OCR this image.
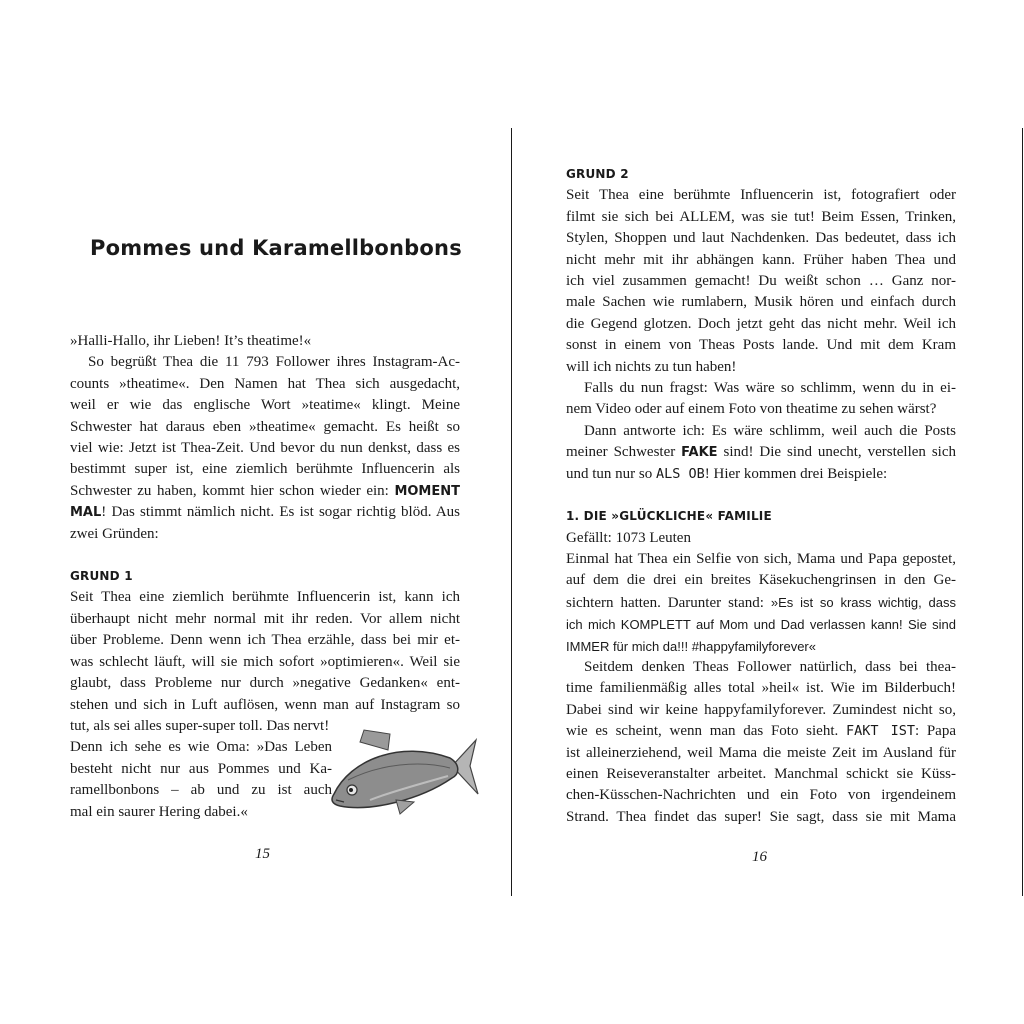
Pommes und Karamellbonbons

»Halli-Hallo, ihr Lieben! It’s theatime!«

So begrüßt Thea die 11 793 Follower ihres Instagram-Ac-

counts »theatime«. Den Namen hat Thea sich ausgedacht,

weil er wie das englische Wort »teatime« klingt. Meine

Schwester hat daraus eben »theatime« gemacht. Es heißt so

viel wie: Jetzt ist Thea-Zeit. Und bevor du nun denkst, dass es

bestimmt super ist, eine ziemlich berühmte Influencerin als

Schwester zu haben, kommt hier schon wieder ein: MOMENT

MAL! Das stimmt nämlich nicht. Es ist sogar richtig blöd. Aus

zwei Gründen:

GRUND 1

Seit Thea eine ziemlich berühmte Influencerin ist, kann ich

überhaupt nicht mehr normal mit ihr reden. Vor allem nicht

über Probleme. Denn wenn ich Thea erzähle, dass bei mir et-

was schlecht läuft, will sie mich sofort »optimieren«. Weil sie

glaubt, dass Probleme nur durch »negative Gedanken« ent-

stehen und sich in Luft auflösen, wenn man auf Instagram so

tut, als sei alles super-super toll. Das nervt!

Denn ich sehe es wie Oma: »Das Leben

besteht nicht nur aus Pommes und Ka-

ramellbonbons – ab und zu ist auch

mal ein saurer Hering dabei.«

15

GRUND 2

Seit Thea eine berühmte Influencerin ist, fotografiert oder

filmt sie sich bei ALLEM, was sie tut! Beim Essen, Trinken,

Stylen, Shoppen und laut Nachdenken. Das bedeutet, dass ich

nicht mehr mit ihr abhängen kann. Früher haben Thea und

ich viel zusammen gemacht! Du weißt schon … Ganz nor-

male Sachen wie rumlabern, Musik hören und einfach durch

die Gegend glotzen. Doch jetzt geht das nicht mehr. Weil ich

sonst in einem von Theas Posts lande. Und mit dem Kram

will ich nichts zu tun haben!

Falls du nun fragst: Was wäre so schlimm, wenn du in ei-

nem Video oder auf einem Foto von theatime zu sehen wärst?

Dann antworte ich: Es wäre schlimm, weil auch die Posts

meiner Schwester FAKE sind! Die sind unecht, verstellen sich

und tun nur so ALS OB! Hier kommen drei Beispiele:

1. DIE »GLÜCKLICHE« FAMILIE

Gefällt: 1073 Leuten

Einmal hat Thea ein Selfie von sich, Mama und Papa gepostet,

auf dem die drei ein breites Käsekuchengrinsen in den Ge-

sichtern hatten. Darunter stand: »Es ist so krass wichtig, dass

ich mich KOMPLETT auf Mom und Dad verlassen kann! Sie sind

IMMER für mich da!!! #happyfamilyforever«

Seitdem denken Theas Follower natürlich, dass bei thea-

time familienmäßig alles total »heil« ist. Wie im Bilderbuch!

Dabei sind wir keine happyfamilyforever. Zumindest nicht so,

wie es scheint, wenn man das Foto sieht. FAKT IST: Papa

ist alleinerziehend, weil Mama die meiste Zeit im Ausland für

einen Reiseveranstalter arbeitet. Manchmal schickt sie Küss-

chen-Küsschen-Nachrichten und ein Foto von irgendeinem

Strand. Thea findet das super! Sie sagt, dass sie mit Mama

16
